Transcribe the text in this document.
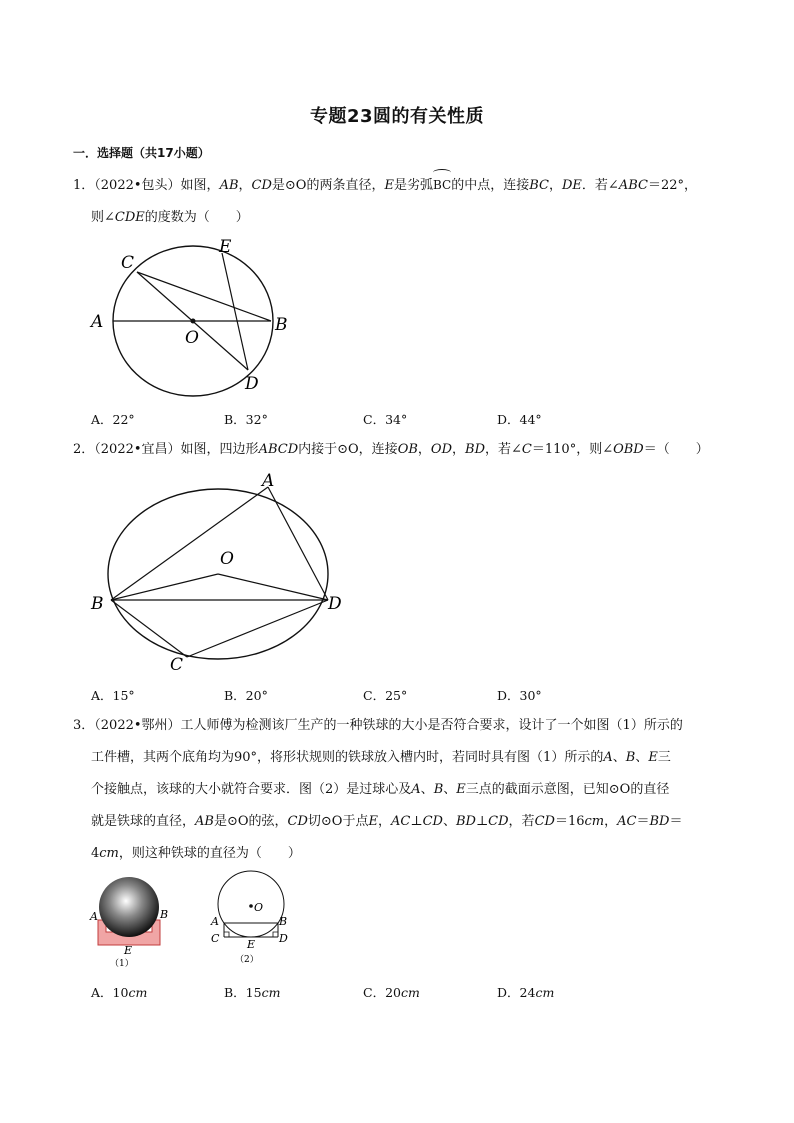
专题23圆的有关性质
一．选择题（共17小题）
1．（2022•包头）如图，AB，CD是⊙O的两条直径，E是劣弧BC的中点，连接BC，DE．若∠ABC＝22°，
则∠CDE的度数为（　　）
C
E
A	B
O
D
A．22°	B．32°	C．34°	D．44°
2．（2022•宜昌）如图，四边形ABCD内接于⊙O，连接OB，OD，BD，若∠C＝110°，则∠OBD＝（　　）
A
O
B	D
C
A．15°	B．20°	C．25°	D．30°
3．（2022•鄂州）工人师傅为检测该厂生产的一种铁球的大小是否符合要求，设计了一个如图（1）所示的
工件槽，其两个底角均为90°，将形状规则的铁球放入槽内时，若同时具有图（1）所示的A、B、E三
个接触点，该球的大小就符合要求．图（2）是过球心及A、B、E三点的截面示意图，已知⊙O的直径
就是铁球的直径，AB是⊙O的弦，CD切⊙O于点E，AC⊥CD、BD⊥CD，若CD＝16cm，AC＝BD＝
4cm，则这种铁球的直径为（　　）
A	B
E
（1）
O
A	B
C	D
E
（2）
A．10cm	B．15cm	C．20cm	D．24cm
